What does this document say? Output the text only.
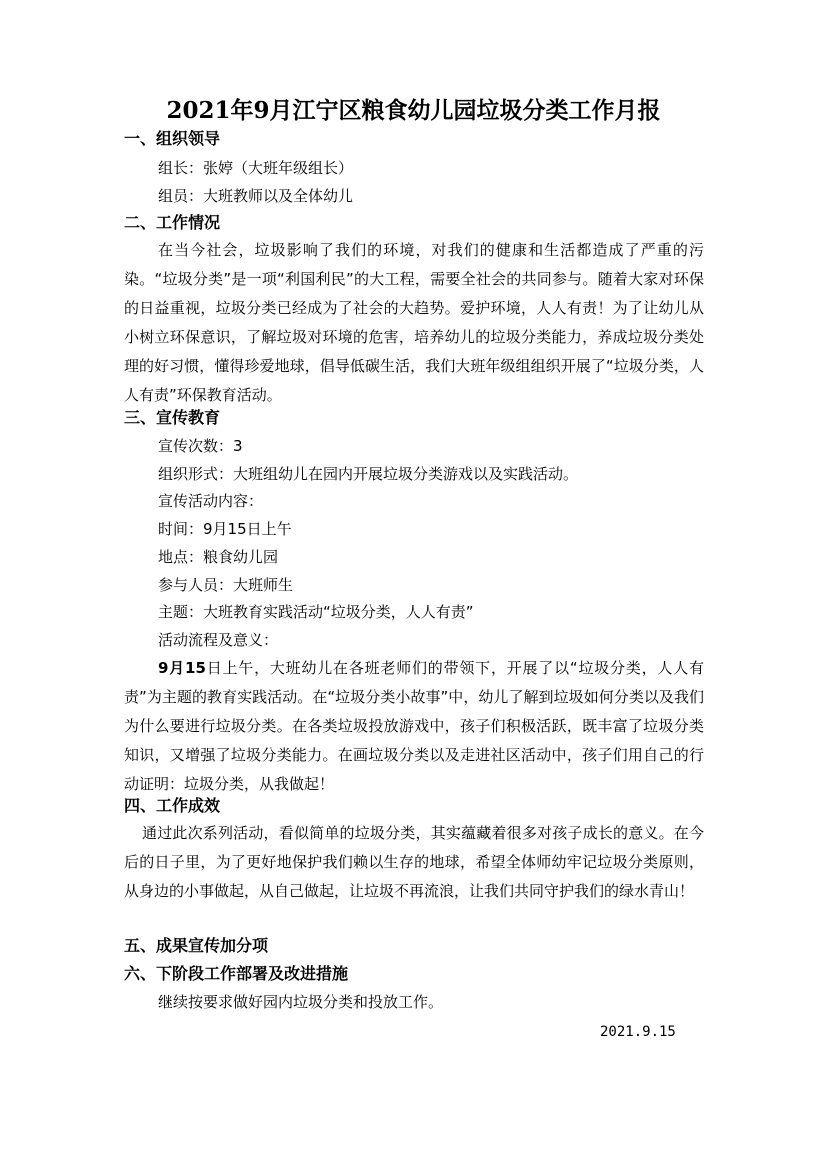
2021年9月江宁区粮食幼儿园垃圾分类工作月报
一、组织领导
组长：张婷（大班年级组长）
组员：大班教师以及全体幼儿
二、工作情况
在当今社会，垃圾影响了我们的环境，对我们的健康和生活都造成了严重的污染。“垃圾分类”是一项“利国利民”的大工程，需要全社会的共同参与。随着大家对环保的日益重视，垃圾分类已经成为了社会的大趋势。爱护环境，人人有责！为了让幼儿从小树立环保意识，了解垃圾对环境的危害，培养幼儿的垃圾分类能力，养成垃圾分类处理的好习惯，懂得珍爱地球，倡导低碳生活，我们大班年级组组织开展了“垃圾分类，人人有责”环保教育活动。
三、宣传教育
宣传次数：3
组织形式：大班组幼儿在园内开展垃圾分类游戏以及实践活动。
宣传活动内容：
时间：9月15日上午
地点：粮食幼儿园
参与人员：大班师生
主题：大班教育实践活动“垃圾分类，人人有责”
活动流程及意义：
9月15日上午，大班幼儿在各班老师们的带领下，开展了以“垃圾分类，人人有责”为主题的教育实践活动。在“垃圾分类小故事”中，幼儿了解到垃圾如何分类以及我们为什么要进行垃圾分类。在各类垃圾投放游戏中，孩子们积极活跃，既丰富了垃圾分类知识，又增强了垃圾分类能力。在画垃圾分类以及走进社区活动中，孩子们用自己的行动证明：垃圾分类，从我做起！
四、工作成效
通过此次系列活动，看似简单的垃圾分类，其实蕴藏着很多对孩子成长的意义。在今后的日子里，为了更好地保护我们赖以生存的地球，希望全体师幼牢记垃圾分类原则，从身边的小事做起，从自己做起，让垃圾不再流浪，让我们共同守护我们的绿水青山！
五、成果宣传加分项
六、下阶段工作部署及改进措施
继续按要求做好园内垃圾分类和投放工作。
2021.9.15
